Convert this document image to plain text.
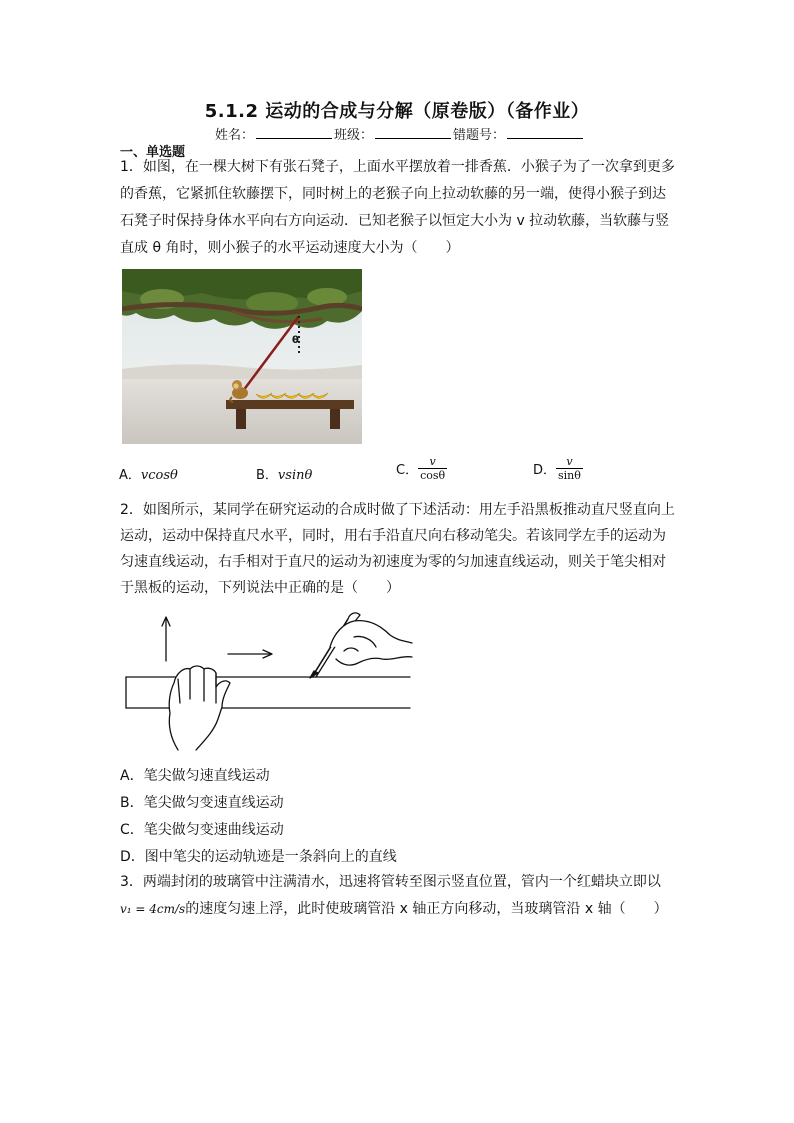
5.1.2 运动的合成与分解（原卷版）（备作业）
姓名：	班级：	错题号：
一、单选题
1．如图，在一棵大树下有张石凳子，上面水平摆放着一排香蕉．小猴子为了一次拿到更多
的香蕉，它紧抓住软藤摆下，同时树上的老猴子向上拉动软藤的另一端，使得小猴子到达
石凳子时保持身体水平向右方向运动．已知老猴子以恒定大小为 v 拉动软藤，当软藤与竖
直成 θ 角时，则小猴子的水平运动速度大小为（　　）
θ
A．vcosθ	B．vsinθ	C． $\frac{v}{\cos\theta}$	D． $\frac{v}{\sin\theta}$
2．如图所示，某同学在研究运动的合成时做了下述活动：用左手沿黑板推动直尺竖直向上
运动，运动中保持直尺水平，同时，用右手沿直尺向右移动笔尖。若该同学左手的运动为
匀速直线运动，右手相对于直尺的运动为初速度为零的匀加速直线运动，则关于笔尖相对
于黑板的运动，下列说法中正确的是（　　）
A．笔尖做匀速直线运动
B．笔尖做匀变速直线运动
C．笔尖做匀变速曲线运动
D．图中笔尖的运动轨迹是一条斜向上的直线
3．两端封闭的玻璃管中注满清水，迅速将管转至图示竖直位置，管内一个红蜡块立即以
v₁ = 4cm/s的速度匀速上浮，此时使玻璃管沿 x 轴正方向移动，当玻璃管沿 x 轴（　　）
